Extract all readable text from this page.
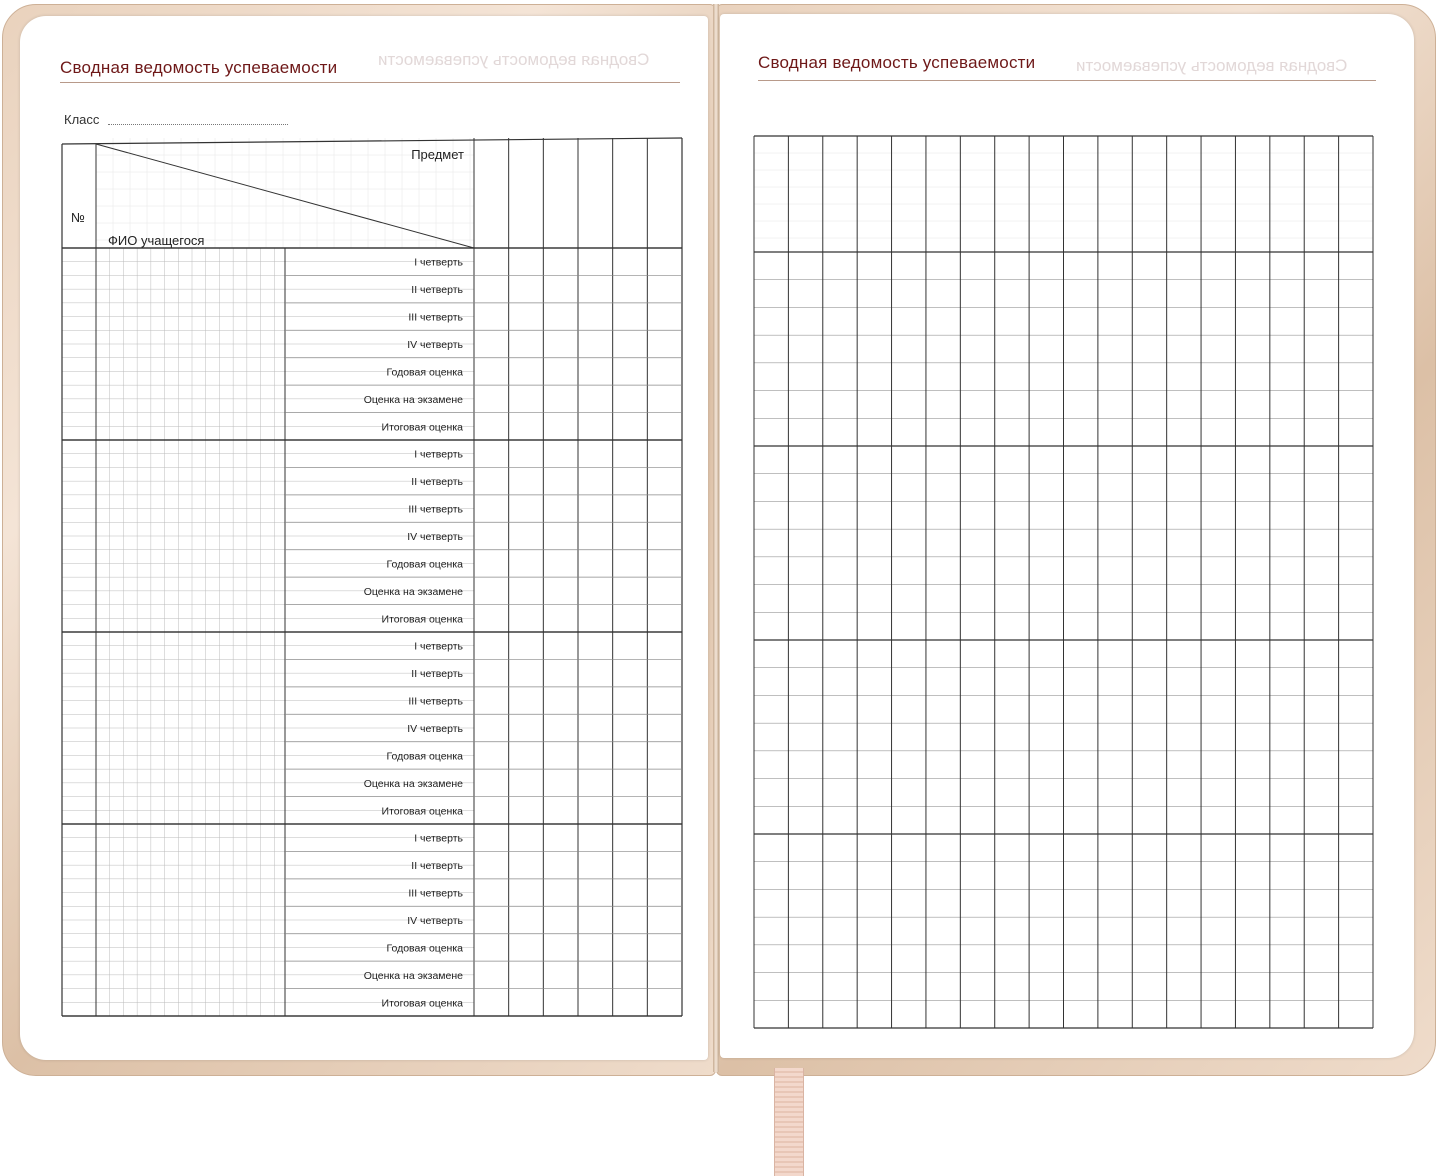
Сводная ведомость успеваемости	Сводная ведомость успеваемости
Сводная ведомость успеваемости	Сводная ведомость успеваемости
Класс
I четверть
II четверть
III четверть
IV четверть
Годовая оценка
Оценка на экзамене
Итоговая оценка
I четверть
II четверть
III четверть
IV четверть
Годовая оценка
Оценка на экзамене
Итоговая оценка
I четверть
II четверть
III четверть
IV четверть
Годовая оценка
Оценка на экзамене
Итоговая оценка
I четверть
II четверть
III четверть
IV четверть
Годовая оценка
Оценка на экзамене
Итоговая оценка
Предмет
№
ФИО учащегося
